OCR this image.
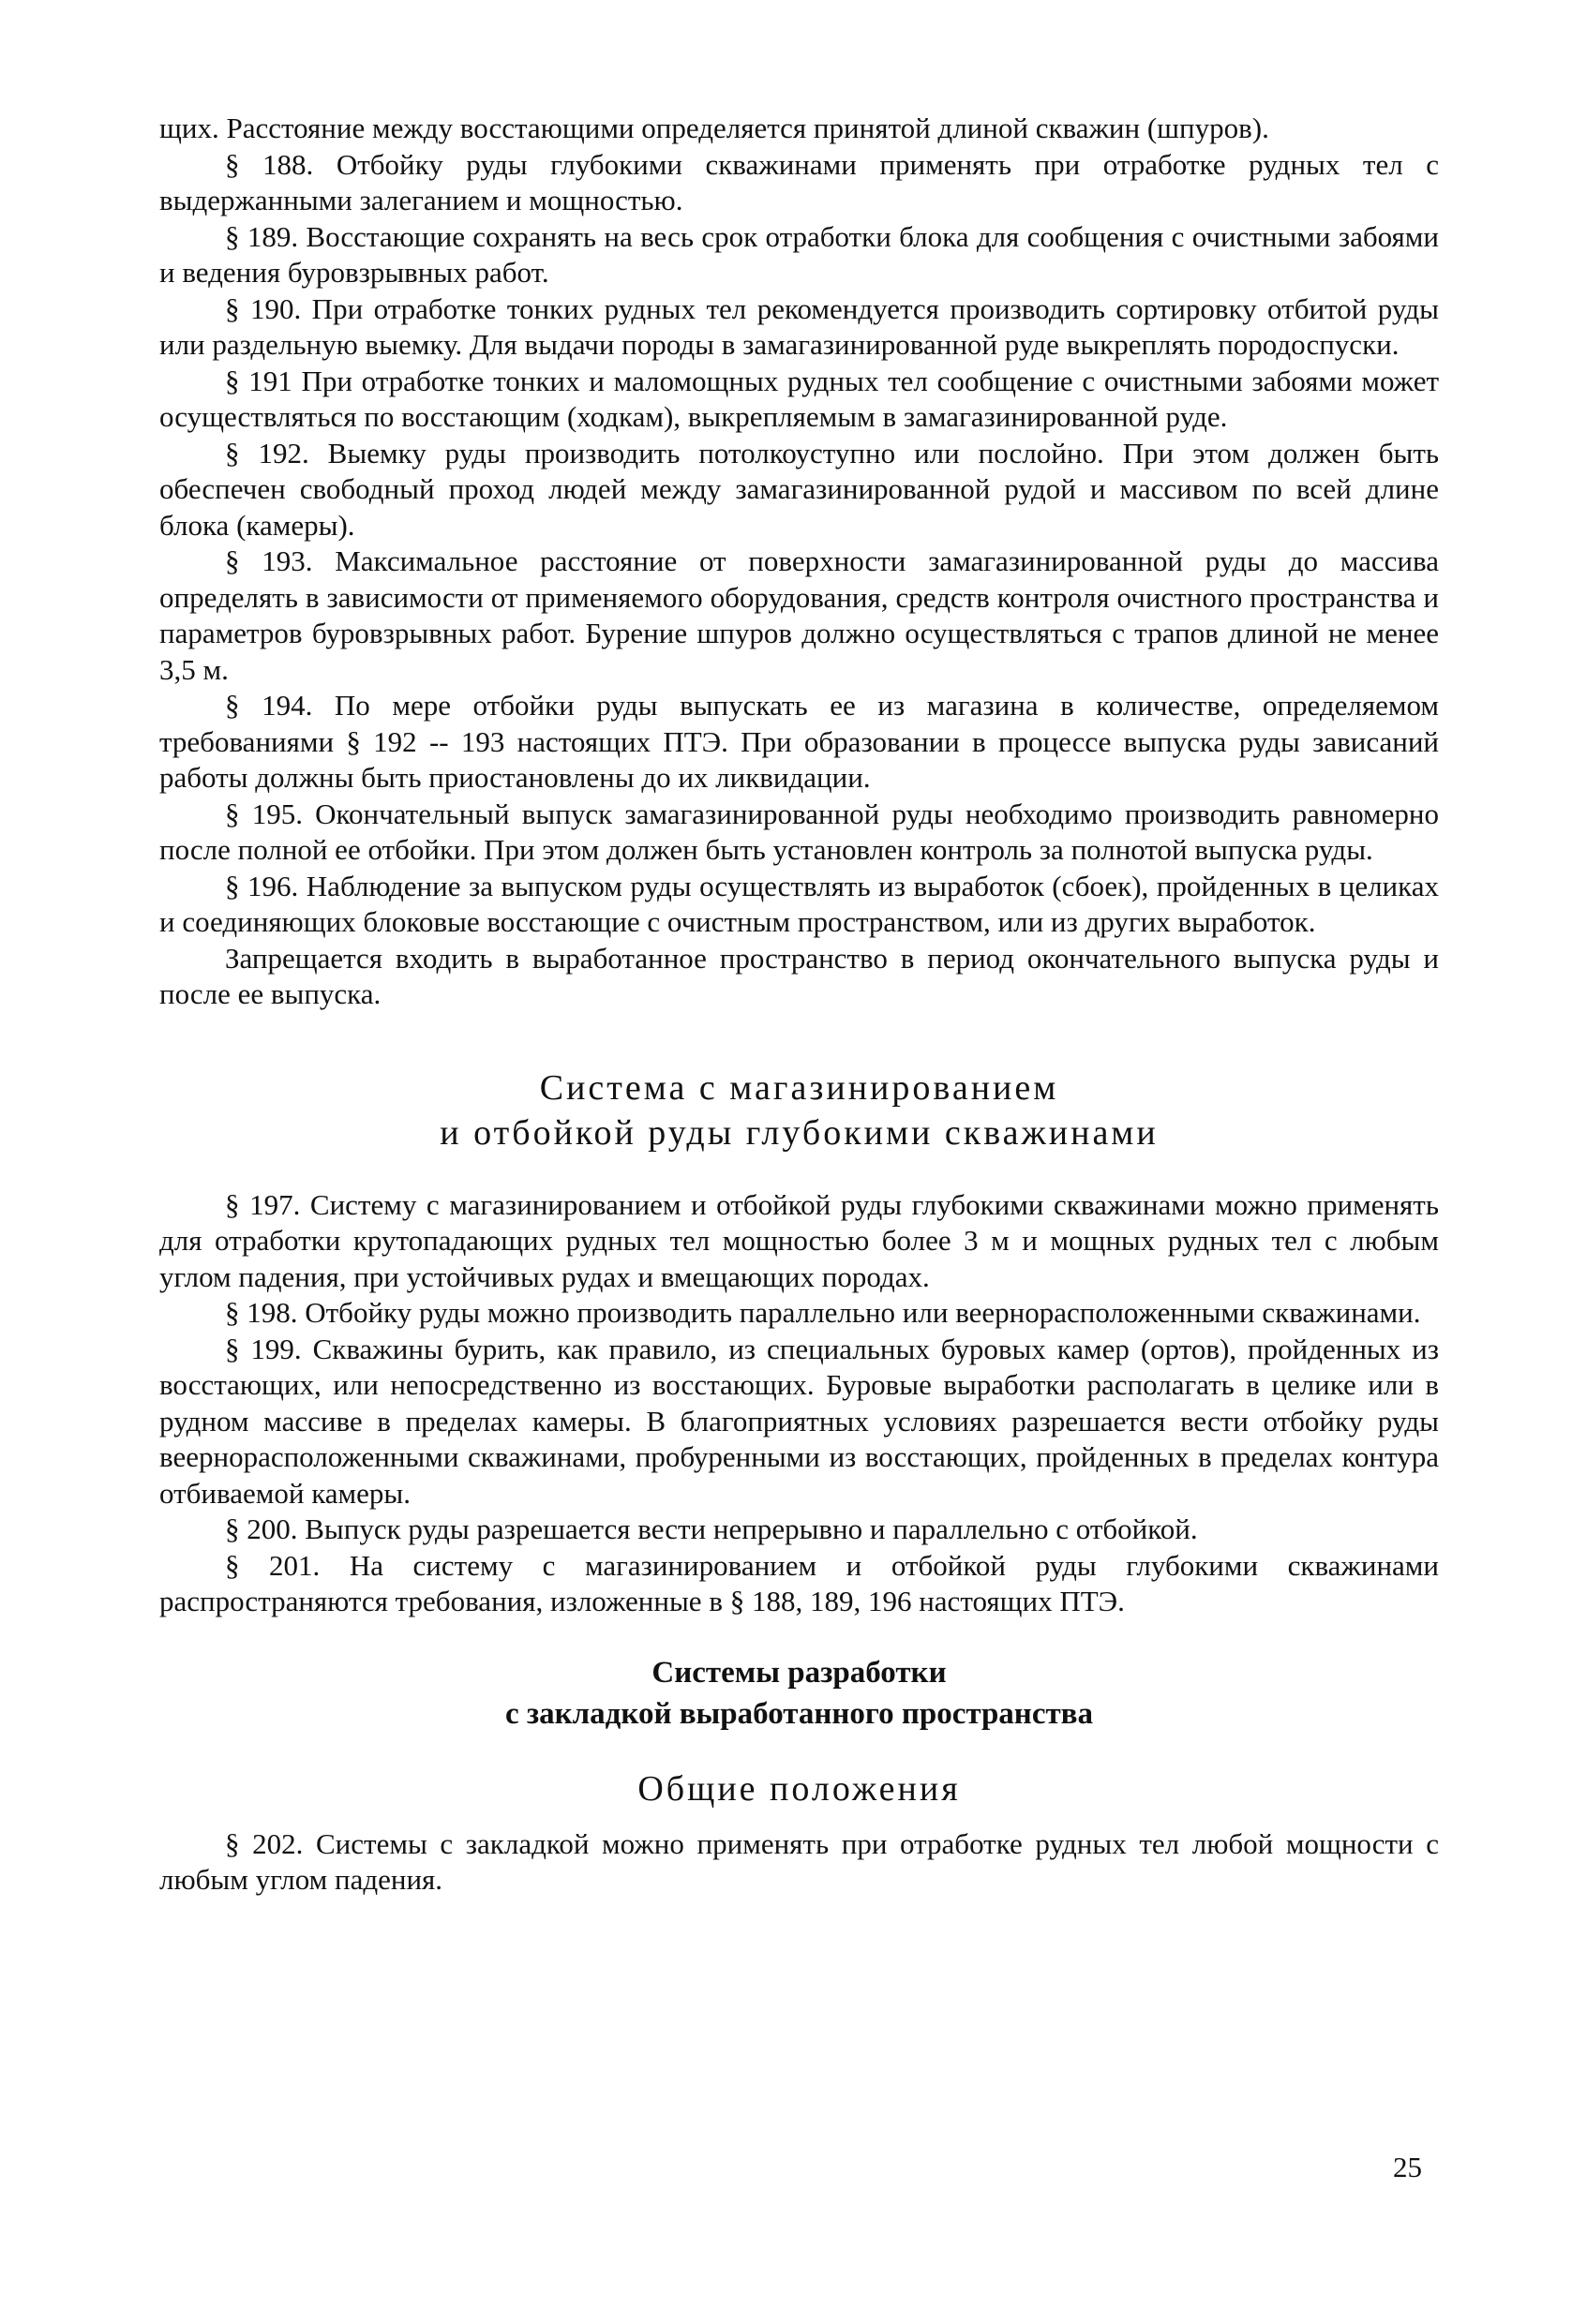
щих. Расстояние между восстающими определяется принятой длиной скважин (шпуров).

§ 188. Отбойку руды глубокими скважинами применять при отработке рудных тел с выдержанными залеганием и мощностью.

§ 189. Восстающие сохранять на весь срок отработки блока для сообщения с очистными забоями и ведения буровзрывных работ.

§ 190. При отработке тонких рудных тел рекомендуется производить сортировку отбитой руды или раздельную выемку. Для выдачи породы в замагазинированной руде выкреплять породоспуски.

§ 191 При отработке тонких и маломощных рудных тел сообщение с очистными забоями может осуществляться по восстающим (ходкам), выкрепляемым в замагазинированной руде.

§ 192. Выемку руды производить потолкоуступно или послойно. При этом должен быть обеспечен свободный проход людей между замагазинированной рудой и массивом по всей длине блока (камеры).

§ 193. Максимальное расстояние от поверхности замагазинированной руды до массива определять в зависимости от применяемого оборудования, средств контроля очистного пространства и параметров буровзрывных работ. Бурение шпуров должно осуществляться с трапов длиной не менее 3,5 м.

§ 194. По мере отбойки руды выпускать ее из магазина в количестве, определяемом требованиями § 192 -- 193 настоящих ПТЭ. При образовании в процессе выпуска руды зависаний работы должны быть приостановлены до их ликвидации.

§ 195. Окончательный выпуск замагазинированной руды необходимо производить равномерно после полной ее отбойки. При этом должен быть установлен контроль за полнотой выпуска руды.

§ 196. Наблюдение за выпуском руды осуществлять из выработок (сбоек), пройденных в целиках и соединяющих блоковые восстающие с очистным пространством, или из других выработок.

Запрещается входить в выработанное пространство в период окончательного выпуска руды и после ее выпуска.

Система с магазинированием

и отбойкой руды глубокими скважинами

§ 197. Систему с магазинированием и отбойкой руды глубокими скважинами можно применять для отработки крутопадающих рудных тел мощностью более 3 м и мощных рудных тел с любым углом падения, при устойчивых рудах и вмещающих породах.

§ 198. Отбойку руды можно производить параллельно или веернорасположенными скважинами.

§ 199. Скважины бурить, как правило, из специальных буровых камер (ортов), пройденных из восстающих, или непосредственно из восстающих. Буровые выработки располагать в целике или в рудном массиве в пределах камеры. В благоприятных условиях разрешается вести отбойку руды веернорасположенными скважинами, пробуренными из восстающих, пройденных в пределах контура отбиваемой камеры.

§ 200. Выпуск руды разрешается вести непрерывно и параллельно с отбойкой.

§ 201. На систему с магазинированием и отбойкой руды глубокими скважинами распространяются требования, изложенные в § 188, 189, 196 настоящих ПТЭ.

Системы разработки

с закладкой выработанного пространства

Общие положения

§ 202. Системы с закладкой можно применять при отработке рудных тел любой мощности с любым углом падения.

25
